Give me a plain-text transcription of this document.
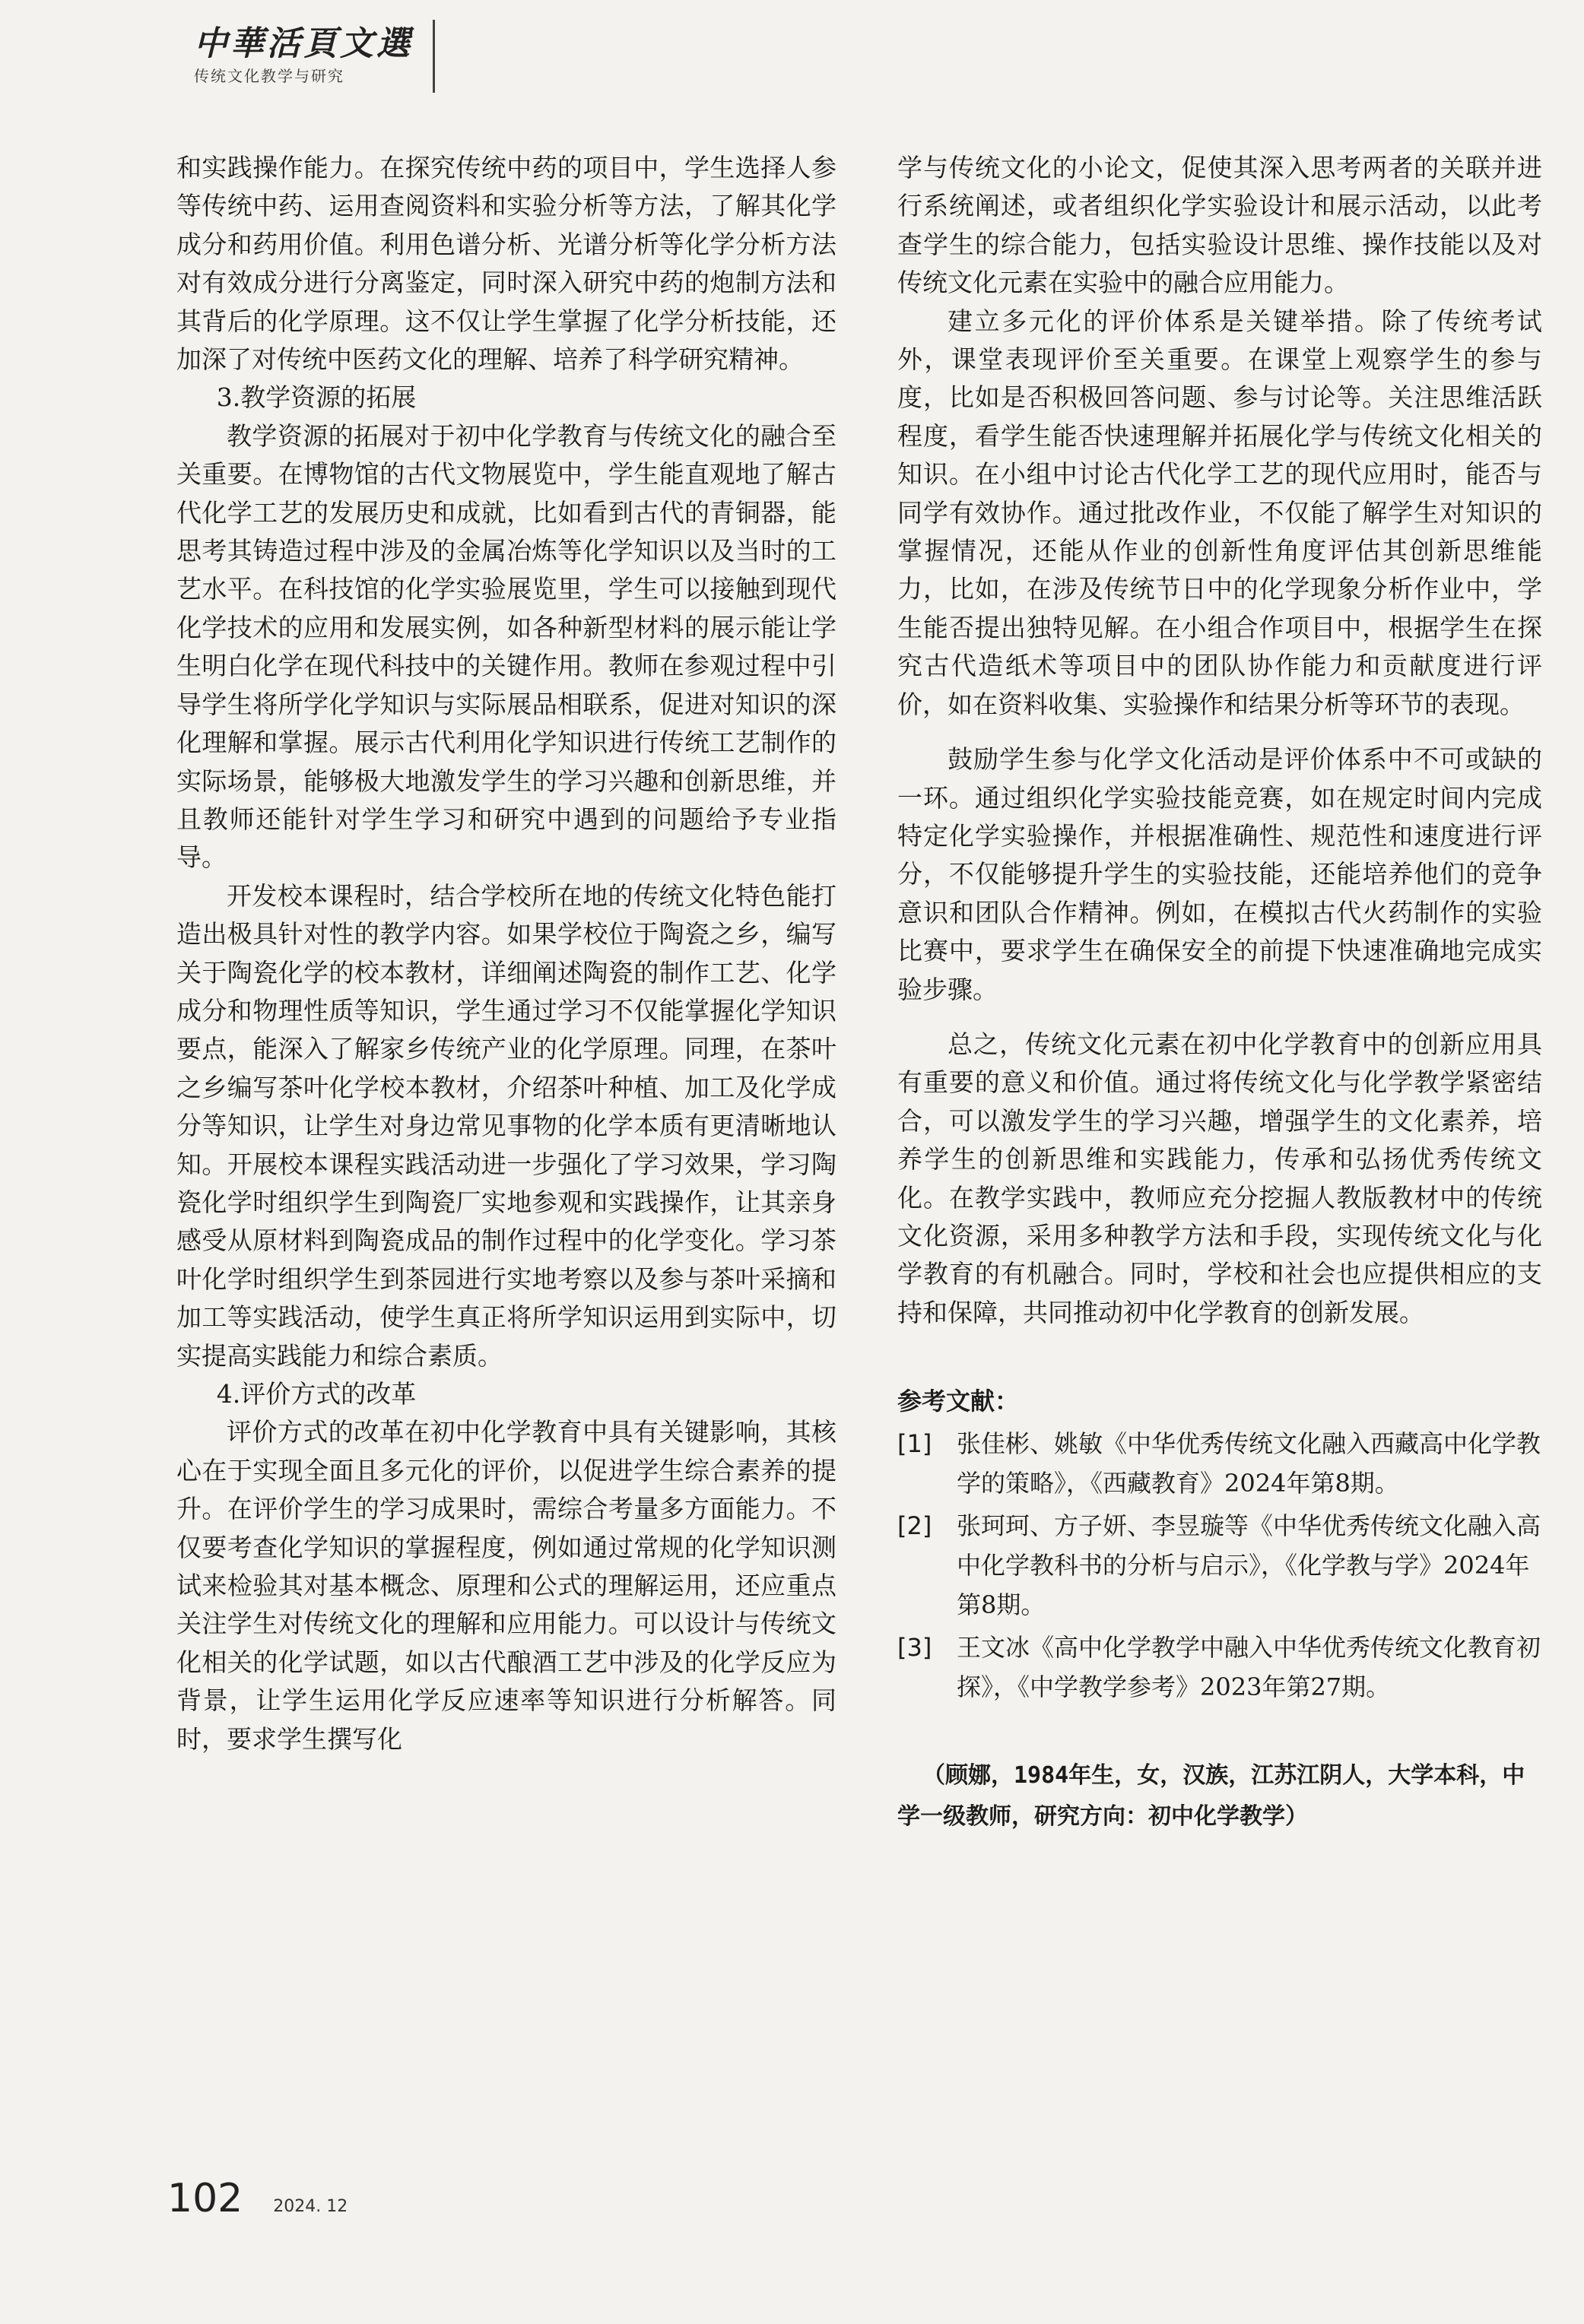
中華活頁文選
传统文化教学与研究

和实践操作能力。在探究传统中药的项目中，学生选择人参等传统中药、运用查阅资料和实验分析等方法，了解其化学成分和药用价值。利用色谱分析、光谱分析等化学分析方法对有效成分进行分离鉴定，同时深入研究中药的炮制方法和其背后的化学原理。这不仅让学生掌握了化学分析技能，还加深了对传统中医药文化的理解、培养了科学研究精神。

3.教学资源的拓展

教学资源的拓展对于初中化学教育与传统文化的融合至关重要。在博物馆的古代文物展览中，学生能直观地了解古代化学工艺的发展历史和成就，比如看到古代的青铜器，能思考其铸造过程中涉及的金属冶炼等化学知识以及当时的工艺水平。在科技馆的化学实验展览里，学生可以接触到现代化学技术的应用和发展实例，如各种新型材料的展示能让学生明白化学在现代科技中的关键作用。教师在参观过程中引导学生将所学化学知识与实际展品相联系，促进对知识的深化理解和掌握。展示古代利用化学知识进行传统工艺制作的实际场景，能够极大地激发学生的学习兴趣和创新思维，并且教师还能针对学生学习和研究中遇到的问题给予专业指导。

开发校本课程时，结合学校所在地的传统文化特色能打造出极具针对性的教学内容。如果学校位于陶瓷之乡，编写关于陶瓷化学的校本教材，详细阐述陶瓷的制作工艺、化学成分和物理性质等知识，学生通过学习不仅能掌握化学知识要点，能深入了解家乡传统产业的化学原理。同理，在茶叶之乡编写茶叶化学校本教材，介绍茶叶种植、加工及化学成分等知识，让学生对身边常见事物的化学本质有更清晰地认知。开展校本课程实践活动进一步强化了学习效果，学习陶瓷化学时组织学生到陶瓷厂实地参观和实践操作，让其亲身感受从原材料到陶瓷成品的制作过程中的化学变化。学习茶叶化学时组织学生到茶园进行实地考察以及参与茶叶采摘和加工等实践活动，使学生真正将所学知识运用到实际中，切实提高实践能力和综合素质。

4.评价方式的改革

评价方式的改革在初中化学教育中具有关键影响，其核心在于实现全面且多元化的评价，以促进学生综合素养的提升。在评价学生的学习成果时，需综合考量多方面能力。不仅要考查化学知识的掌握程度，例如通过常规的化学知识测试来检验其对基本概念、原理和公式的理解运用，还应重点关注学生对传统文化的理解和应用能力。可以设计与传统文化相关的化学试题，如以古代酿酒工艺中涉及的化学反应为背景，让学生运用化学反应速率等知识进行分析解答。同时，要求学生撰写化

学与传统文化的小论文，促使其深入思考两者的关联并进行系统阐述，或者组织化学实验设计和展示活动，以此考查学生的综合能力，包括实验设计思维、操作技能以及对传统文化元素在实验中的融合应用能力。

建立多元化的评价体系是关键举措。除了传统考试外，课堂表现评价至关重要。在课堂上观察学生的参与度，比如是否积极回答问题、参与讨论等。关注思维活跃程度，看学生能否快速理解并拓展化学与传统文化相关的知识。在小组中讨论古代化学工艺的现代应用时，能否与同学有效协作。通过批改作业，不仅能了解学生对知识的掌握情况，还能从作业的创新性角度评估其创新思维能力，比如，在涉及传统节日中的化学现象分析作业中，学生能否提出独特见解。在小组合作项目中，根据学生在探究古代造纸术等项目中的团队协作能力和贡献度进行评价，如在资料收集、实验操作和结果分析等环节的表现。

鼓励学生参与化学文化活动是评价体系中不可或缺的一环。通过组织化学实验技能竞赛，如在规定时间内完成特定化学实验操作，并根据准确性、规范性和速度进行评分，不仅能够提升学生的实验技能，还能培养他们的竞争意识和团队合作精神。例如，在模拟古代火药制作的实验比赛中，要求学生在确保安全的前提下快速准确地完成实验步骤。

总之，传统文化元素在初中化学教育中的创新应用具有重要的意义和价值。通过将传统文化与化学教学紧密结合，可以激发学生的学习兴趣，增强学生的文化素养，培养学生的创新思维和实践能力，传承和弘扬优秀传统文化。在教学实践中，教师应充分挖掘人教版教材中的传统文化资源，采用多种教学方法和手段，实现传统文化与化学教育的有机融合。同时，学校和社会也应提供相应的支持和保障，共同推动初中化学教育的创新发展。

参考文献：

[1]	张佳彬、姚敏《中华优秀传统文化融入西藏高中化学教学的策略》，《西藏教育》2024年第8期。
[2]	张珂珂、方子妍、李昱璇等《中华优秀传统文化融入高中化学教科书的分析与启示》，《化学教与学》2024年第8期。
[3]	王文冰《高中化学教学中融入中华优秀传统文化教育初探》，《中学教学参考》2023年第27期。

（顾娜，1984年生，女，汉族，江苏江阴人，大学本科，中学一级教师，研究方向：初中化学教学）

102 2024. 12
